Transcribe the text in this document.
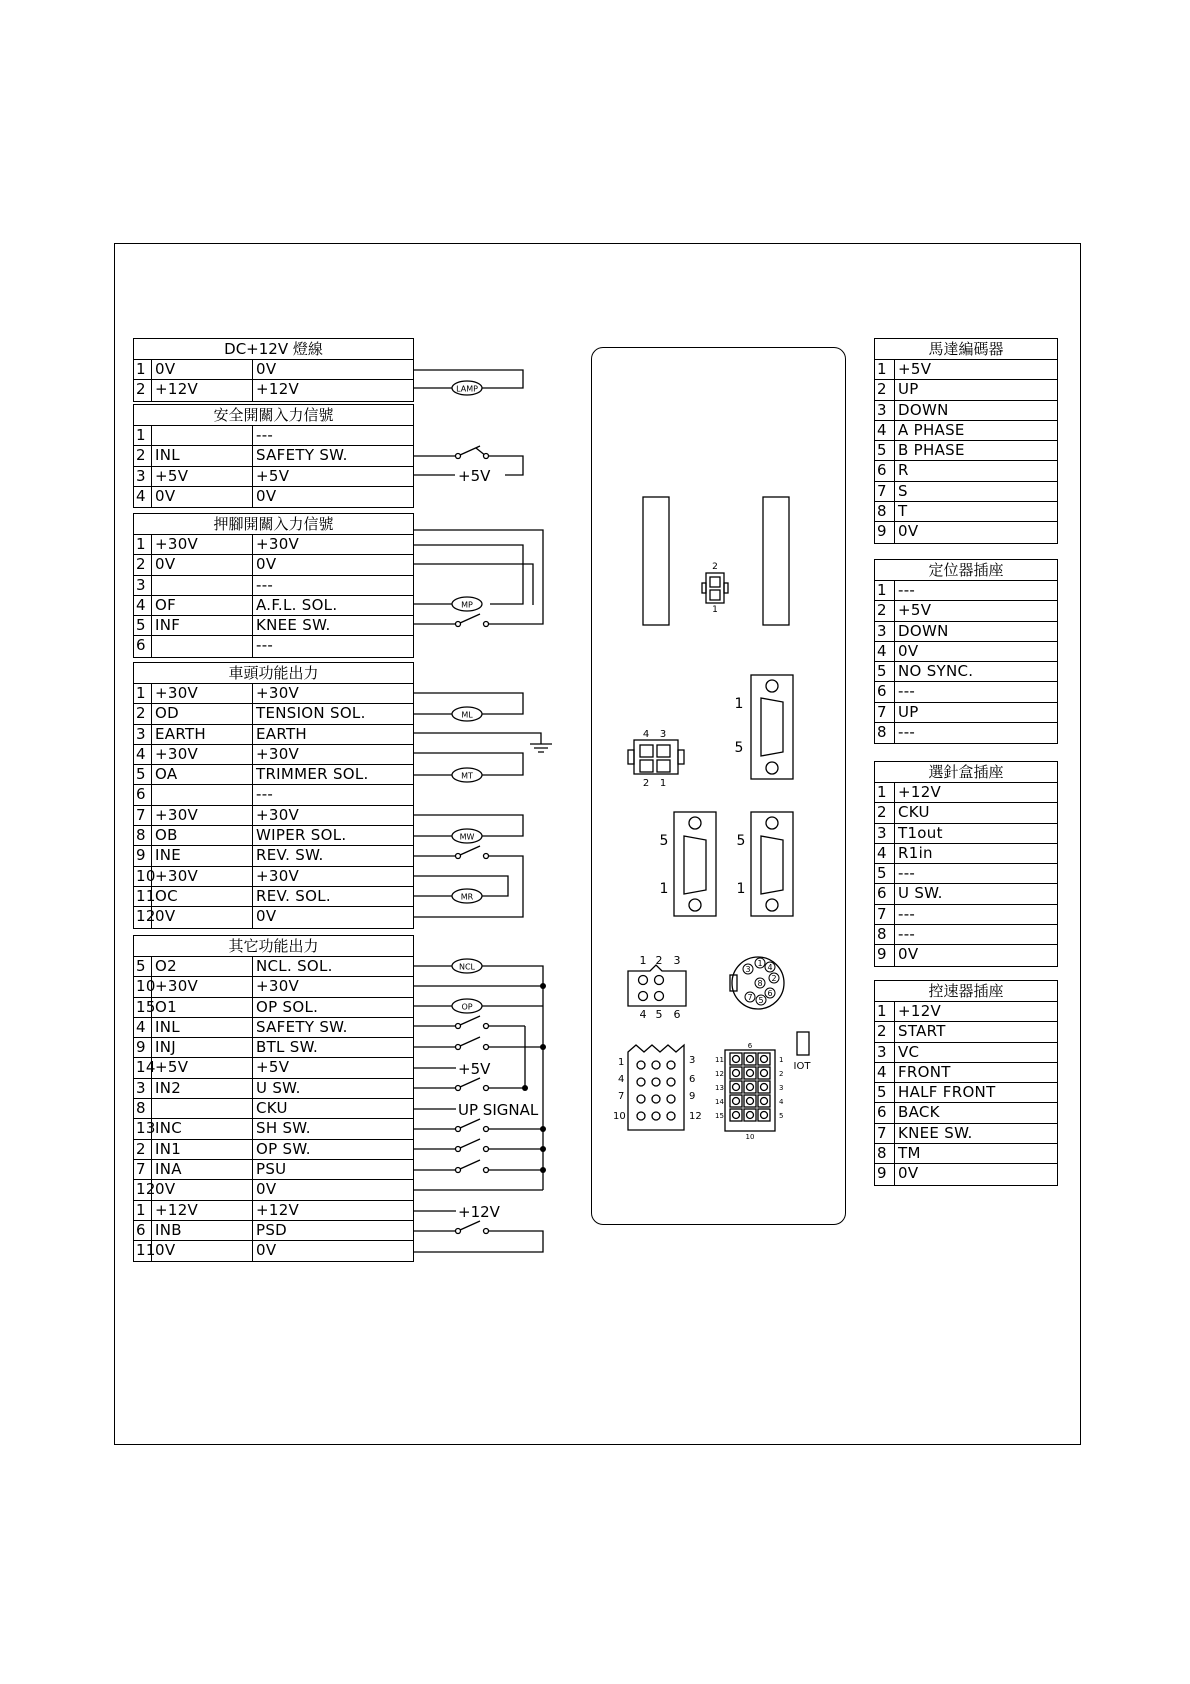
DC+12V 燈線
1 0V	0V
2 +12V	+12V
安全開關入力信號
1	---
2 INL	SAFETY SW.
3 +5V	+5V
4 0V	0V
押腳開關入力信號
1 +30V	+30V
2 0V	0V
3	---
4 OF	A.F.L. SOL.
5 INF	KNEE SW.
6	---
車頭功能出力
1 +30V	+30V
2 OD	TENSION SOL.
3 EARTH	EARTH
4 +30V	+30V
5 OA	TRIMMER SOL.
6	---
7 +30V	+30V
8 OB	WIPER SOL.
9 INE	REV. SW.
10 +30V	+30V
11 OC	REV. SOL.
12 0V	0V
其它功能出力
5 O2	NCL. SOL.
10 +30V	+30V
15 O1	OP SOL.
4 INL	SAFETY SW.
9 INJ	BTL SW.
14 +5V	+5V
3 IN2	U SW.
8	CKU
13 INC	SH SW.
2 IN1	OP SW.
7 INA	PSU
12 0V	0V
1 +12V	+12V
6 INB	PSD
11 0V	0V
馬達編碼器
1 +5V
2 UP
3 DOWN
4 A PHASE
5 B PHASE
6 R
7 S
8 T
9 0V
定位器插座
1 ---
2 +5V
3 DOWN
4 0V
5 NO SYNC.
6 ---
7 UP
8 ---
選針盒插座
1 +12V
2 CKU
3 T1out
4 R1in
5 ---
6 U SW.
7 ---
8 ---
9 0V
控速器插座
1 +12V
2 START
3 VC
4 FRONT
5 HALF FRONT
6 BACK
7 KNEE SW.
8 TM
9 0V
LAMP
+5V
MP
ML
MT
MW
MR
NCL
OP
+5V
UP SIGNAL
+12V
2
1
4 3
2 1
1
5
5
1
5
1
1 2 3
4 5 6
1
2
3 4
5
6
7
8
IOT
1	3
4	6
7	9
10	12
6
10
11
12
13
14
15
1
2
3
4
5
